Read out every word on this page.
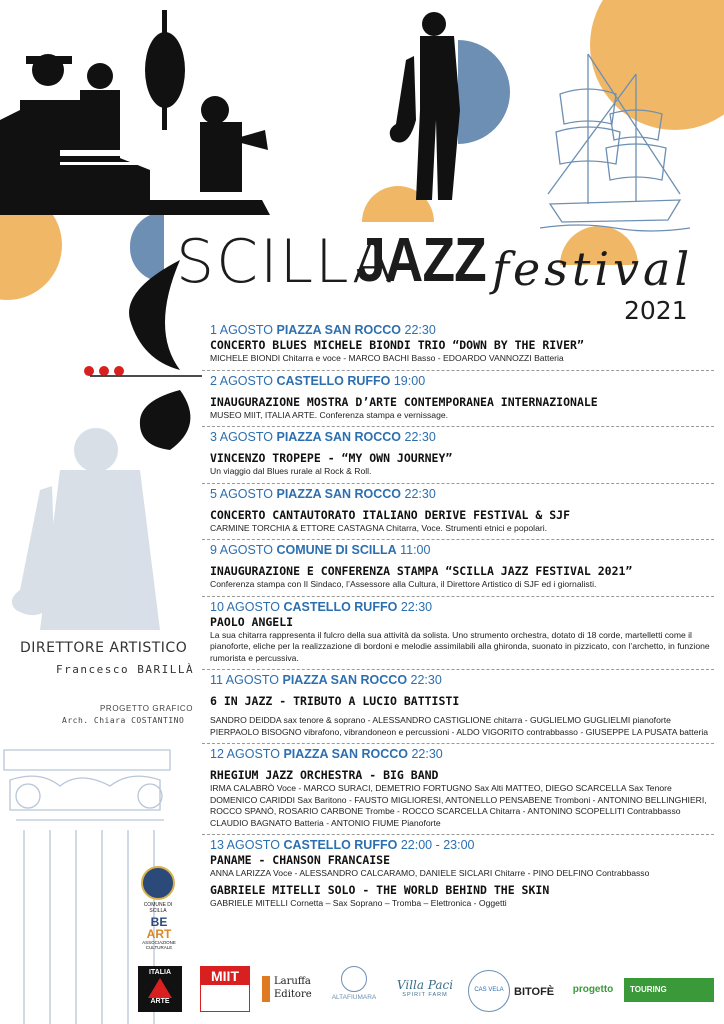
SCILLA
JAZZ festival
2021
1 AGOSTO PIAZZA SAN ROCCO 22:30
CONCERTO BLUES MICHELE BIONDI TRIO “DOWN BY THE RIVER”
MICHELE BIONDI Chitarra e voce - MARCO BACHI Basso - EDOARDO VANNOZZI Batteria
2 AGOSTO CASTELLO RUFFO 19:00
INAUGURAZIONE MOSTRA D’ARTE CONTEMPORANEA INTERNAZIONALE
MUSEO MIIT, ITALIA ARTE. Conferenza stampa e vernissage.
3 AGOSTO PIAZZA SAN ROCCO 22:30
VINCENZO TROPEPE - “MY OWN JOURNEY”
Un viaggio dal Blues rurale al Rock & Roll.
5 AGOSTO PIAZZA SAN ROCCO 22:30
CONCERTO CANTAUTORATO ITALIANO DERIVE FESTIVAL & SJF
CARMINE TORCHIA & ETTORE CASTAGNA Chitarra, Voce. Strumenti etnici e popolari.
9 AGOSTO COMUNE DI SCILLA 11:00
INAUGURAZIONE E CONFERENZA STAMPA “SCILLA JAZZ FESTIVAL 2021”
Conferenza stampa con Il Sindaco, l’Assessore alla Cultura, il Direttore Artistico di SJF ed i giornalisti.
10 AGOSTO CASTELLO RUFFO 22:30
PAOLO ANGELI
La sua chitarra rappresenta il fulcro della sua attività da solista. Uno strumento orchestra, dotato di 18 corde, martelletti come il pianoforte, eliche per la realizzazione di bordoni e melodie assimilabili alla ghironda, suonato in pizzicato, con l’archetto, in funzione rumorista e percussiva.
11 AGOSTO PIAZZA SAN ROCCO 22:30
6 IN JAZZ - TRIBUTO A LUCIO BATTISTI
SANDRO DEIDDA sax tenore & soprano - ALESSANDRO CASTIGLIONE chitarra - GUGLIELMO GUGLIELMI pianoforte PIERPAOLO BISOGNO vibrafono, vibrandoneon e percussioni - ALDO VIGORITO contrabbasso - GIUSEPPE LA PUSATA batteria
12 AGOSTO PIAZZA SAN ROCCO 22:30
RHEGIUM JAZZ ORCHESTRA - BIG BAND
IRMA CALABRÒ Voce - MARCO SURACI, DEMETRIO FORTUGNO Sax Alti MATTEO, DIEGO SCARCELLA Sax Tenore DOMENICO CARIDDI Sax Baritono - FAUSTO MIGLIORESI, ANTONELLO PENSABENE Tromboni - ANTONINO BELLINGHIERI, ROCCO SPANÒ, ROSARIO CARBONE Trombe - ROCCO SCARCELLA Chitarra - ANTONINO SCOPELLITI Contrabbasso CLAUDIO BAGNATO Batteria - ANTONIO FIUME Pianoforte
13 AGOSTO CASTELLO RUFFO 22:00 - 23:00
PANAME - CHANSON FRANCAISE
ANNA LARIZZA Voce - ALESSANDRO CALCARAMO, DANIELE SICLARI Chitarre - PINO DELFINO Contrabbasso
GABRIELE MITELLI SOLO - THE WORLD BEHIND THE SKIN
GABRIELE MITELLI Cornetta – Sax Soprano – Tromba – Elettronica - Oggetti
DIRETTORE ARTISTICO
Francesco BARILLÀ
PROGETTO GRAFICO
Arch. Chiara COSTANTINO
COMUNE DI SCILLA
BE
ART
ASSOCIAZIONE CULTURALE
ITALIA
ARTE
MIIT	Laruffa
Editore	ALTAFIUMARA
Villa Paci
SPIRIT FARM
CAS VELA BITOFÈ	progetto	TOURING
